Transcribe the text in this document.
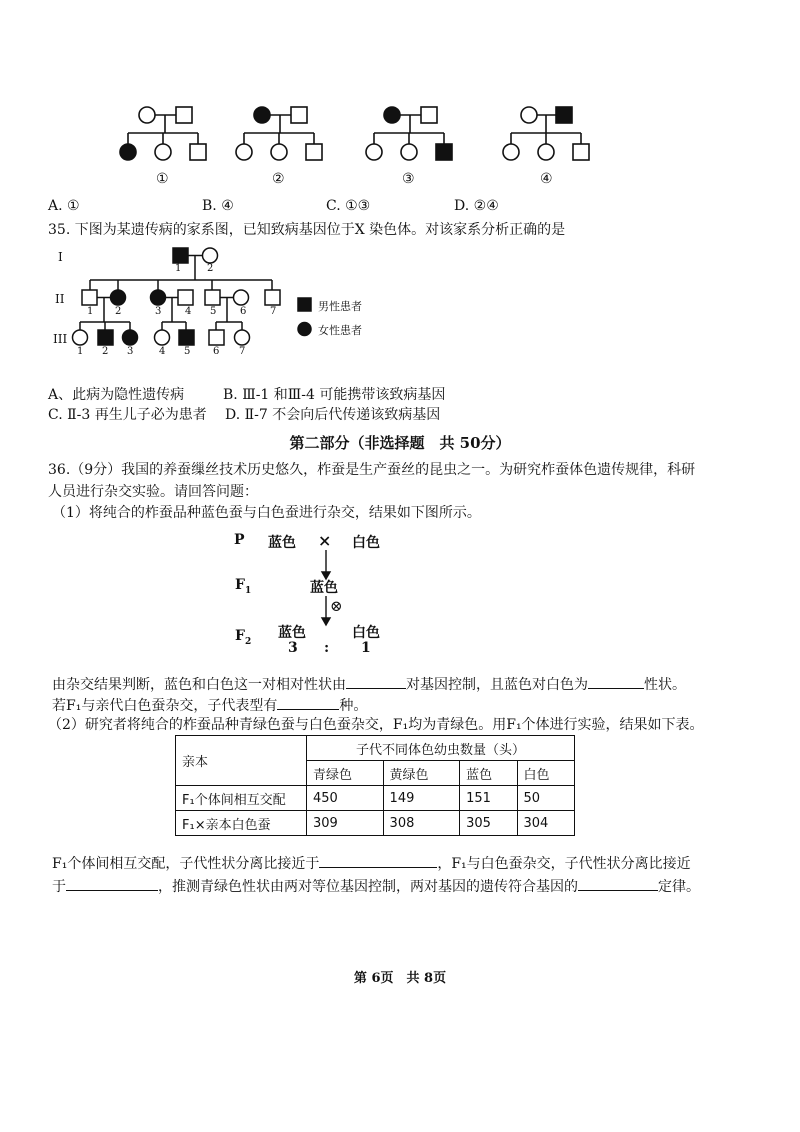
①	②	③	④
A. ①	B. ④	C. ①③	D. ②④
35. 下图为某遗传病的家系图，已知致病基因位于X 染色体。对该家系分析正确的是
I
II
III
1	2
1 2	3 4 5 6 7
1 2 3	4 5 6 7
男性患者
女性患者
A、此病为隐性遗传病	B. Ⅲ-1 和Ⅲ-4 可能携带该致病基因
C. Ⅱ-3 再生儿子必为患者 D. Ⅱ-7 不会向后代传递该致病基因
第二部分（非选择题　共 50分）
36.（9分）我国的养蚕缫丝技术历史悠久，柞蚕是生产蚕丝的昆虫之一。为研究柞蚕体色遗传规律，科研
人员进行杂交实验。请回答问题：
（1）将纯合的柞蚕品种蓝色蚕与白色蚕进行杂交，结果如下图所示。
P 蓝色 × 白色
$F_1$	蓝色
⊗
$F_2$
蓝色	白色
3 : 1
由杂交结果判断，蓝色和白色这一对相对性状由	对基因控制，且蓝色对白色为	性状。
若F₁与亲代白色蚕杂交，子代表型有	种。
（2）研究者将纯合的柞蚕品种青绿色蚕与白色蚕杂交，F₁均为青绿色。用F₁个体进行实验，结果如下表。
亲本	子代不同体色幼虫数量（头）			
	青绿色	黄绿色	蓝色	白色
F₁个体间相互交配	450	149	151	50
F₁×亲本白色蚕	309	308	305	304
F₁个体间相互交配，子代性状分离比接近于	，F₁与白色蚕杂交，子代性状分离比接近
于	，推测青绿色性状由两对等位基因控制，两对基因的遗传符合基因的	定律。
第 6页　共 8页
